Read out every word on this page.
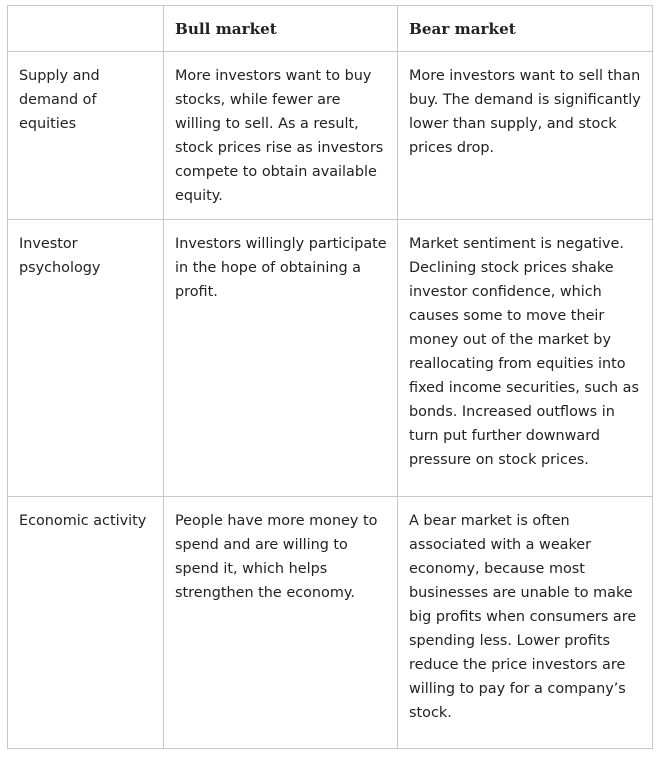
	Bull market	Bear market
Supply and demand of equities	More investors want to buy stocks, while fewer are willing to sell. As a result, stock prices rise as investors compete to obtain available equity.	More investors want to sell than buy. The demand is significantly lower than supply, and stock prices drop.
Investor psychology	Investors willingly participate in the hope of obtaining a profit.	Market sentiment is negative. Declining stock prices shake investor confidence, which causes some to move their money out of the market by reallocating from equities into fixed income securities, such as bonds. Increased outflows in turn put further downward pressure on stock prices.
Economic activity	People have more money to spend and are willing to spend it, which helps strengthen the economy.	A bear market is often associated with a weaker economy, because most businesses are unable to make big profits when consumers are spending less. Lower profits reduce the price investors are willing to pay for a company’s stock.
